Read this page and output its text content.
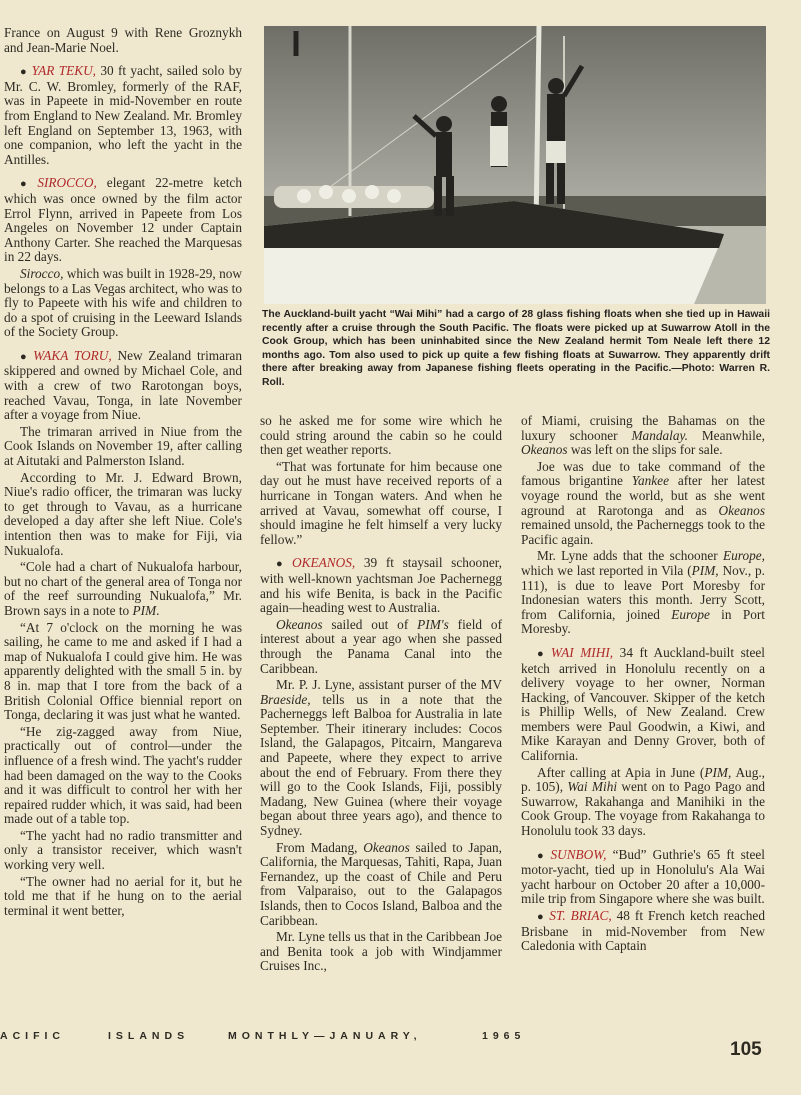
France on August 9 with Rene Groznykh and Jean-Marie Noel.

● YAR TEKU, 30 ft yacht, sailed solo by Mr. C. W. Bromley, formerly of the RAF, was in Papeete in mid-November en route from England to New Zealand. Mr. Bromley left England on September 13, 1963, with one companion, who left the yacht in the Antilles.

● SIROCCO, elegant 22-metre ketch which was once owned by the film actor Errol Flynn, arrived in Papeete from Los Angeles on November 12 under Captain Anthony Carter. She reached the Marquesas in 22 days.

Sirocco, which was built in 1928-29, now belongs to a Las Vegas architect, who was to fly to Papeete with his wife and children to do a spot of cruising in the Leeward Islands of the Society Group.

● WAKA TORU, New Zealand trimaran skippered and owned by Michael Cole, and with a crew of two Rarotongan boys, reached Vavau, Tonga, in late November after a voyage from Niue.

The trimaran arrived in Niue from the Cook Islands on November 19, after calling at Aitutaki and Palmerston Island.

According to Mr. J. Edward Brown, Niue's radio officer, the trimaran was lucky to get through to Vavau, as a hurricane developed a day after she left Niue. Cole's intention then was to make for Fiji, via Nukualofa.

“Cole had a chart of Nukualofa harbour, but no chart of the general area of Tonga nor of the reef surrounding Nukualofa,” Mr. Brown says in a note to PIM.

“At 7 o'clock on the morning he was sailing, he came to me and asked if I had a map of Nukualofa I could give him. He was apparently delighted with the small 5 in. by 8 in. map that I tore from the back of a British Colonial Office biennial report on Tonga, declaring it was just what he wanted.

“He zig-zagged away from Niue, practically out of control—under the influence of a fresh wind. The yacht's rudder had been damaged on the way to the Cooks and it was difficult to control her with her repaired rudder which, it was said, had been made out of a table top.

“The yacht had no radio transmitter and only a transistor receiver, which wasn't working very well.

“The owner had no aerial for it, but he told me that if he hung on to the aerial terminal it went better,

so he asked me for some wire which he could string around the cabin so he could then get weather reports.

“That was fortunate for him because one day out he must have received reports of a hurricane in Tongan waters. And when he arrived at Vavau, somewhat off course, I should imagine he felt himself a very lucky fellow.”

● OKEANOS, 39 ft staysail schooner, with well-known yachtsman Joe Pachernegg and his wife Benita, is back in the Pacific again—heading west to Australia.

Okeanos sailed out of PIM's field of interest about a year ago when she passed through the Panama Canal into the Caribbean.

Mr. P. J. Lyne, assistant purser of the MV Braeside, tells us in a note that the Pacherneggs left Balboa for Australia in late September. Their itinerary includes: Cocos Island, the Galapagos, Pitcairn, Mangareva and Papeete, where they expect to arrive about the end of February. From there they will go to the Cook Islands, Fiji, possibly Madang, New Guinea (where their voyage began about three years ago), and thence to Sydney.

From Madang, Okeanos sailed to Japan, California, the Marquesas, Tahiti, Rapa, Juan Fernandez, up the coast of Chile and Peru from Valparaiso, out to the Galapagos Islands, then to Cocos Island, Balboa and the Caribbean.

Mr. Lyne tells us that in the Caribbean Joe and Benita took a job with Windjammer Cruises Inc.,

of Miami, cruising the Bahamas on the luxury schooner Mandalay. Meanwhile, Okeanos was left on the slips for sale.

Joe was due to take command of the famous brigantine Yankee after her latest voyage round the world, but as she went aground at Rarotonga and as Okeanos remained unsold, the Pacherneggs took to the Pacific again.

Mr. Lyne adds that the schooner Europe, which we last reported in Vila (PIM, Nov., p. 111), is due to leave Port Moresby for Indonesian waters this month. Jerry Scott, from California, joined Europe in Port Moresby.

● WAI MIHI, 34 ft Auckland-built steel ketch arrived in Honolulu recently on a delivery voyage to her owner, Norman Hacking, of Vancouver. Skipper of the ketch is Phillip Wells, of New Zealand. Crew members were Paul Goodwin, a Kiwi, and Mike Karayan and Denny Grover, both of California.

After calling at Apia in June (PIM, Aug., p. 105), Wai Mihi went on to Pago Pago and Suwarrow, Rakahanga and Manihiki in the Cook Group. The voyage from Rakahanga to Honolulu took 33 days.

● SUNBOW, “Bud” Guthrie's 65 ft steel motor-yacht, tied up in Honolulu's Ala Wai yacht harbour on October 20 after a 10,000-mile trip from Singapore where she was built.

● ST. BRIAC, 48 ft French ketch reached Brisbane in mid-November from New Caledonia with Captain

The Auckland-built yacht “Wai Mihi” had a cargo of 28 glass fishing floats when she tied up in Hawaii recently after a cruise through the South Pacific. The floats were picked up at Suwarrow Atoll in the Cook Group, which has been uninhabited since the New Zealand hermit Tom Neale left there 12 months ago. Tom also used to pick up quite a few fishing floats at Suwarrow. They apparently drift there after breaking away from Japanese fishing fleets operating in the Pacific.—Photo: Warren R. Roll.
ACIFIC	ISLANDS	MONTHLY—JANUARY,	1965
105
